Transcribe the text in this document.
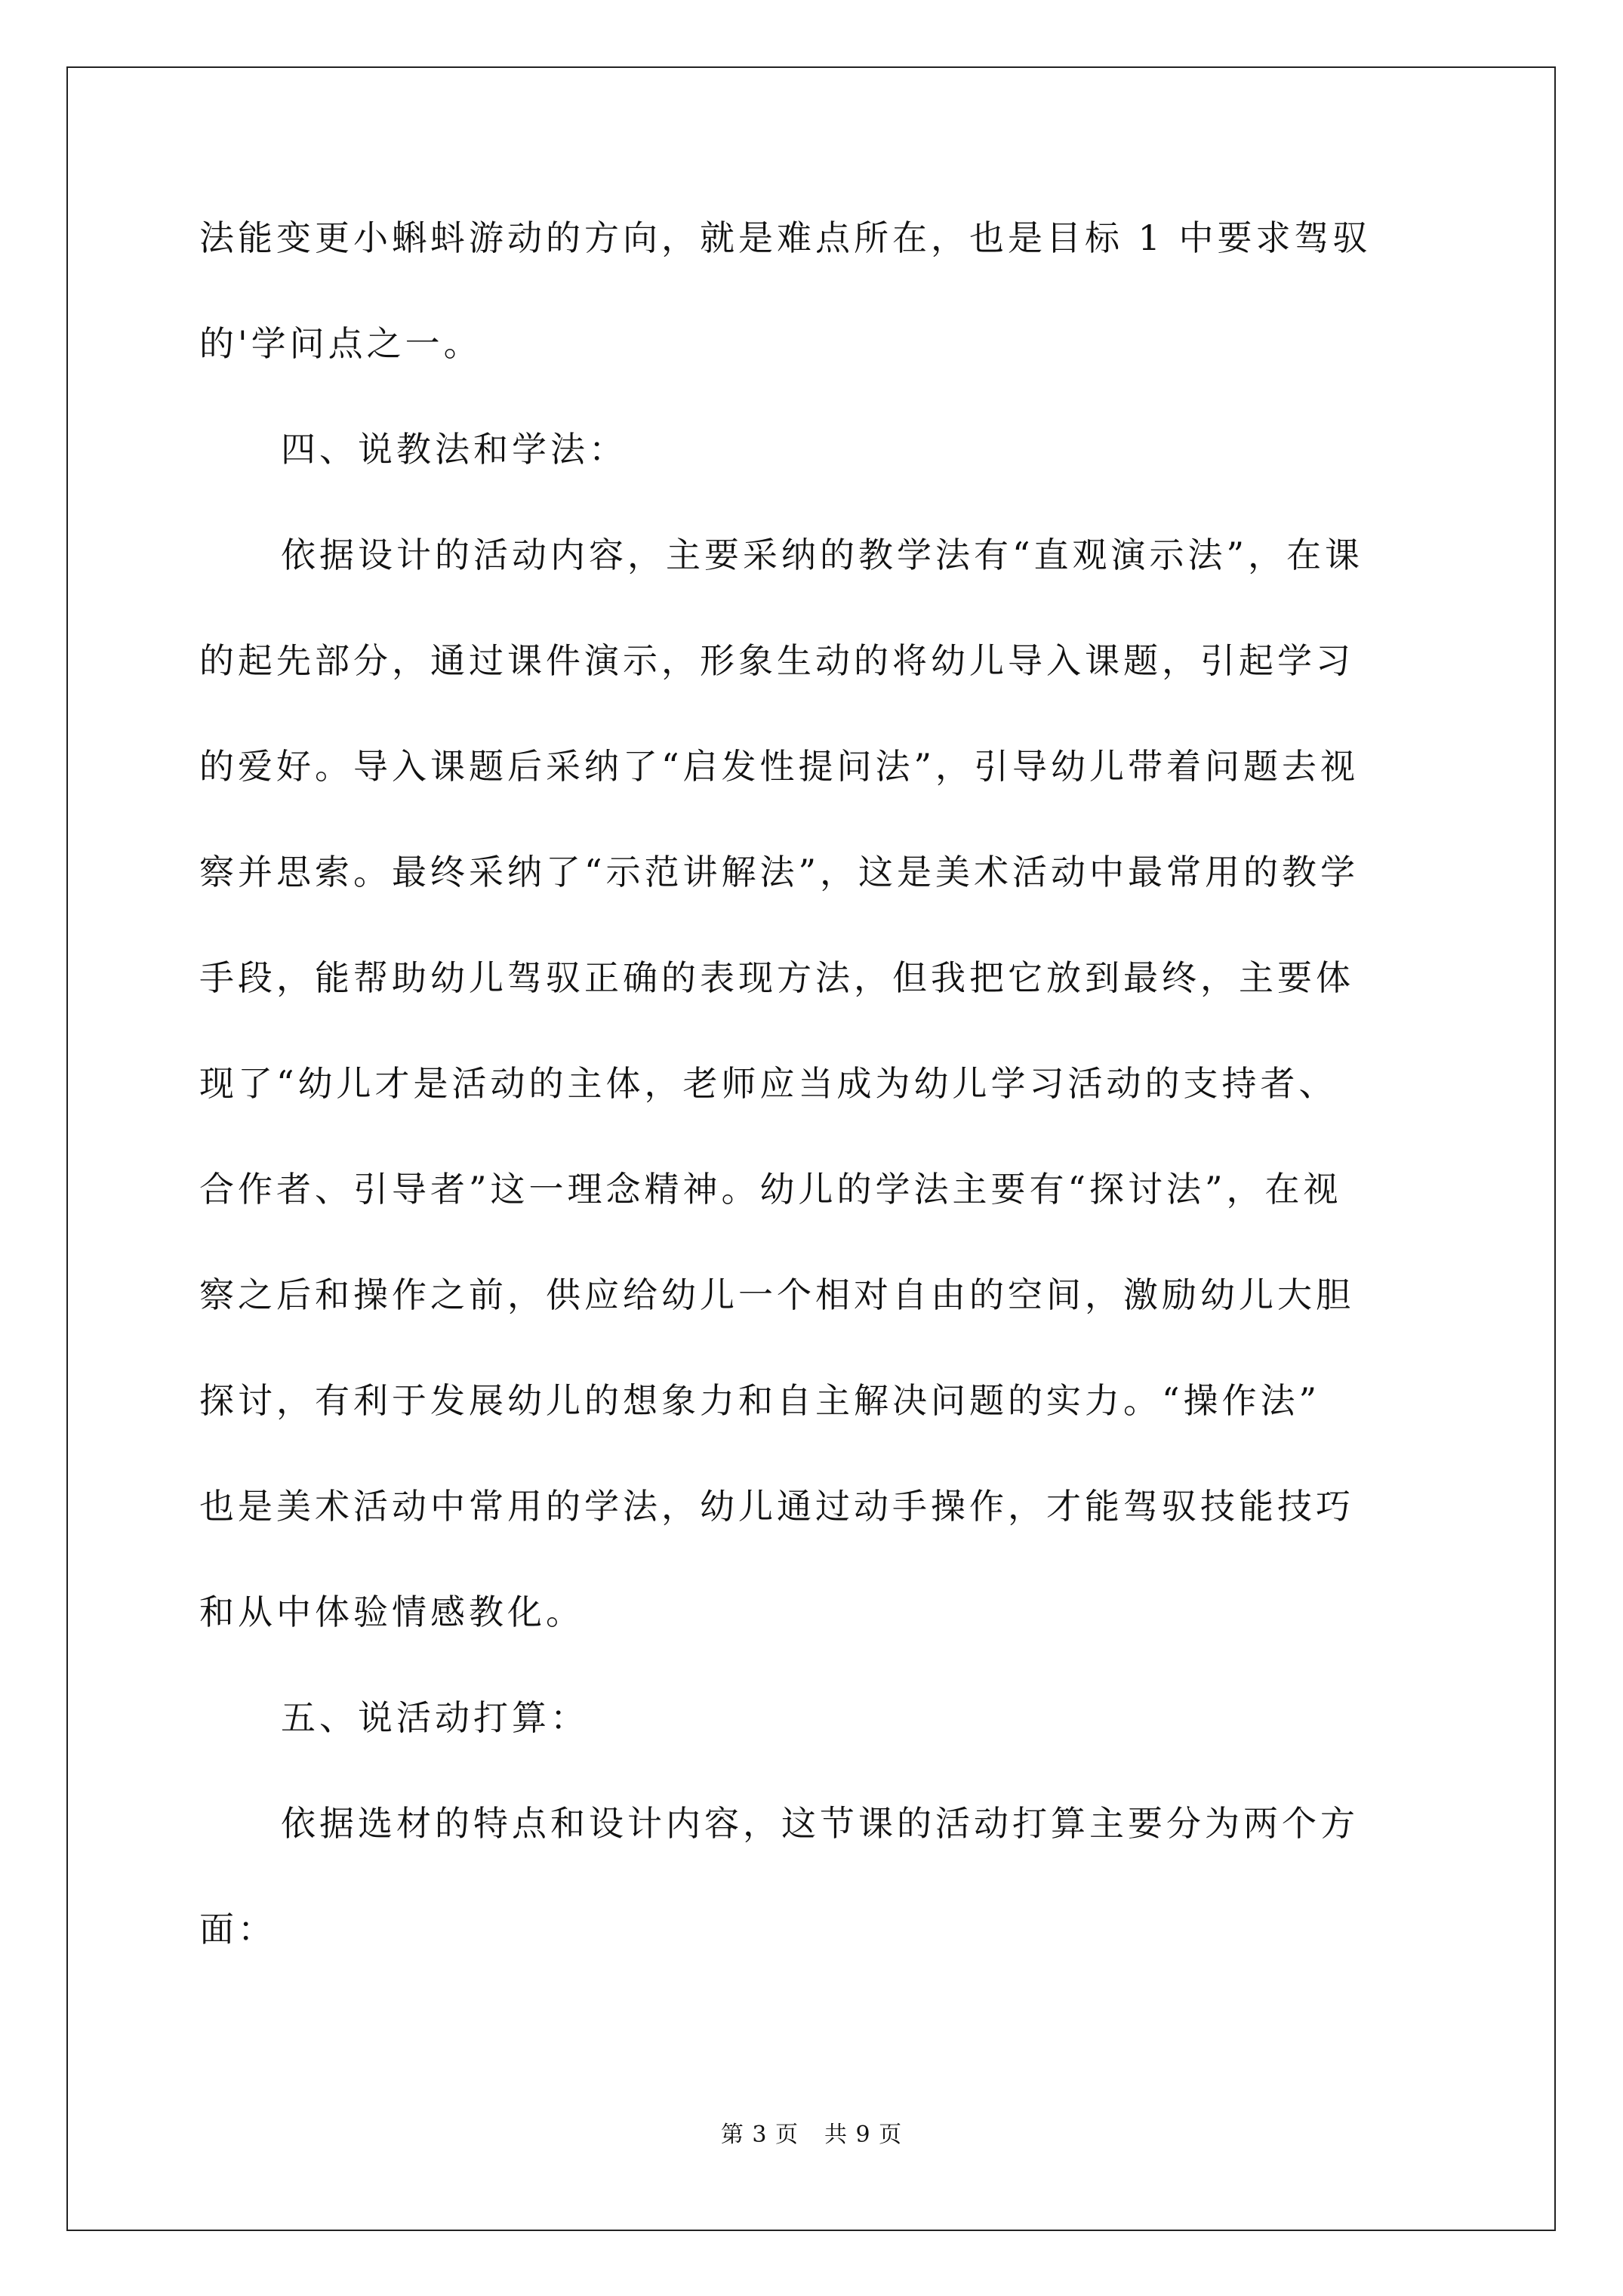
法能变更小蝌蚪游动的方向，就是难点所在，也是目标 1 中要求驾驭
的'学问点之一。
四、说教法和学法：
依据设计的活动内容，主要采纳的教学法有“直观演示法”，在课
的起先部分，通过课件演示，形象生动的将幼儿导入课题，引起学习
的爱好。导入课题后采纳了“启发性提问法”，引导幼儿带着问题去视
察并思索。最终采纳了“示范讲解法”，这是美术活动中最常用的教学
手段，能帮助幼儿驾驭正确的表现方法，但我把它放到最终，主要体
现了“幼儿才是活动的主体，老师应当成为幼儿学习活动的支持者、
合作者、引导者”这一理念精神。幼儿的学法主要有“探讨法”，在视
察之后和操作之前，供应给幼儿一个相对自由的空间，激励幼儿大胆
探讨，有利于发展幼儿的想象力和自主解决问题的实力。“操作法”
也是美术活动中常用的学法，幼儿通过动手操作，才能驾驭技能技巧
和从中体验情感教化。
五、说活动打算：
依据选材的特点和设计内容，这节课的活动打算主要分为两个方
面：
第 3 页 共 9 页
